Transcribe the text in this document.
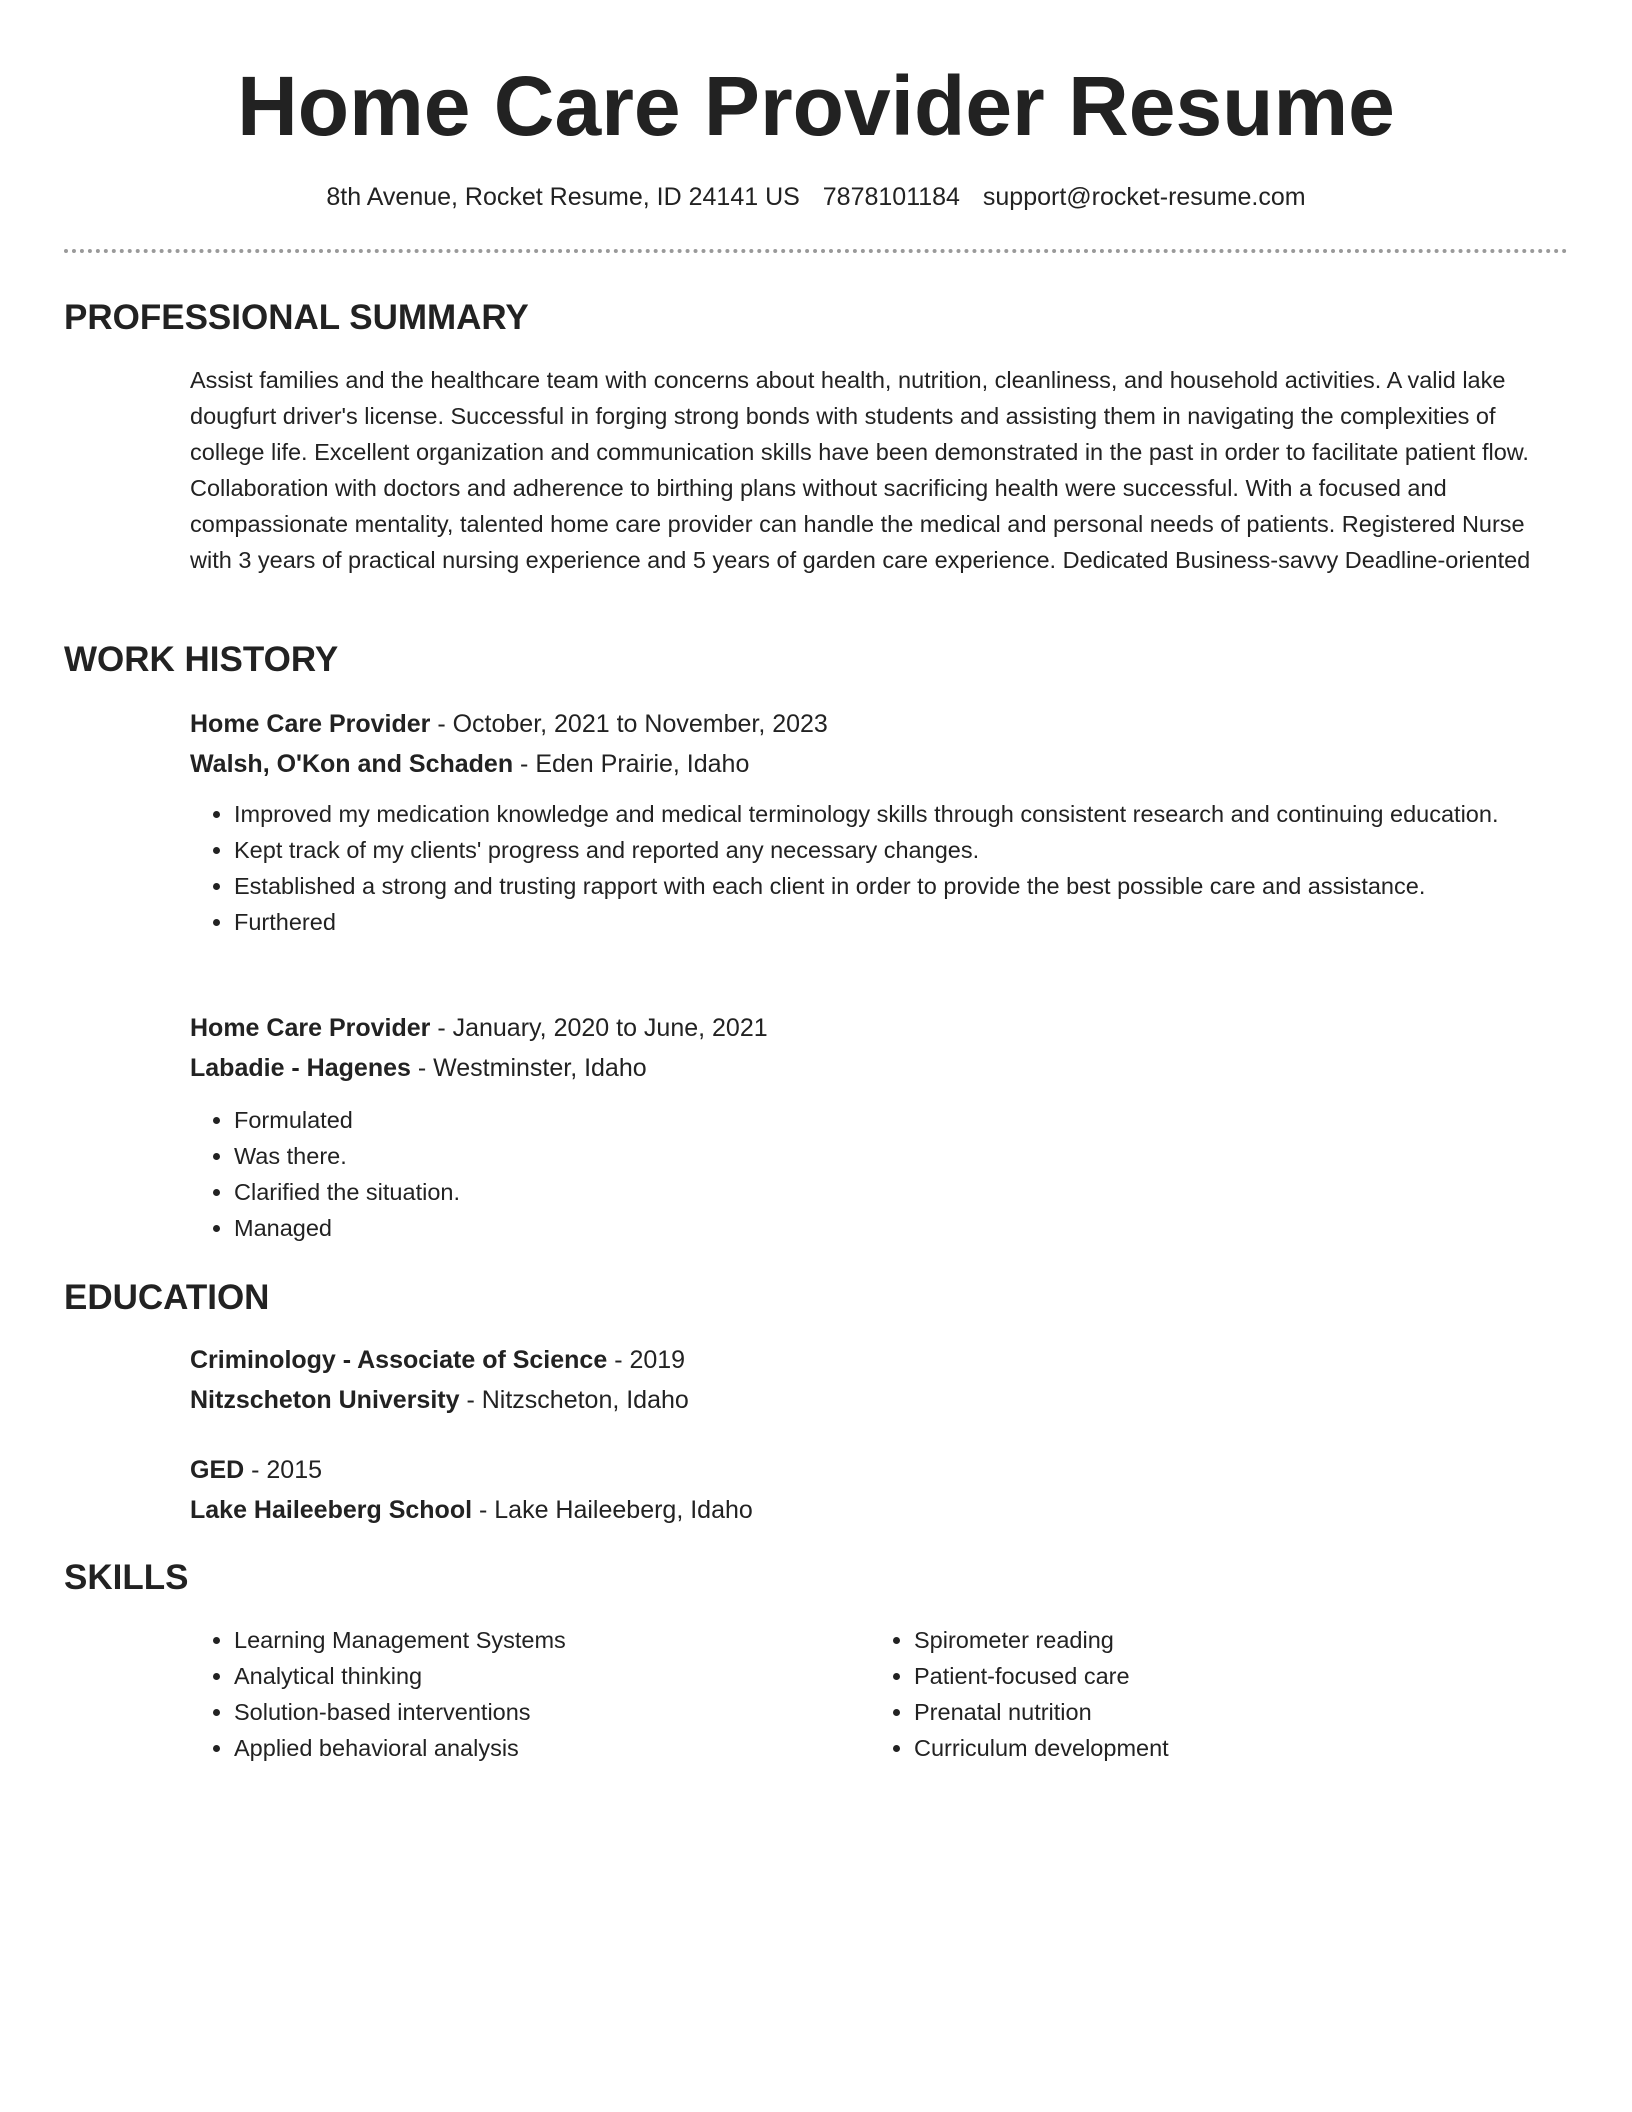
Home Care Provider Resume
8th Avenue, Rocket Resume, ID 24141 US 7878101184 support@rocket-resume.com
PROFESSIONAL SUMMARY

Assist families and the healthcare team with concerns about health, nutrition, cleanliness, and household activities. A valid lake dougfurt driver's license. Successful in forging strong bonds with students and assisting them in navigating the complexities of college life. Excellent organization and communication skills have been demonstrated in the past in order to facilitate patient flow. Collaboration with doctors and adherence to birthing plans without sacrificing health were successful. With a focused and compassionate mentality, talented home care provider can handle the medical and personal needs of patients. Registered Nurse with 3 years of practical nursing experience and 5 years of garden care experience. Dedicated Business-savvy Deadline-oriented

WORK HISTORY

Home Care Provider - October, 2021 to November, 2023

Walsh, O'Kon and Schaden - Eden Prairie, Idaho

• Improved my medication knowledge and medical terminology skills through consistent research and continuing education.
• Kept track of my clients' progress and reported any necessary changes.
• Established a strong and trusting rapport with each client in order to provide the best possible care and assistance.
• Furthered

Home Care Provider - January, 2020 to June, 2021

Labadie - Hagenes - Westminster, Idaho

• Formulated
• Was there.
• Clarified the situation.
• Managed
EDUCATION

Criminology - Associate of Science - 2019

Nitzscheton University - Nitzscheton, Idaho

GED - 2015

Lake Haileeberg School - Lake Haileeberg, Idaho

SKILLS
• Learning Management Systems
• Analytical thinking
• Solution-based interventions
• Applied behavioral analysis
• Spirometer reading
• Patient-focused care
• Prenatal nutrition
• Curriculum development
